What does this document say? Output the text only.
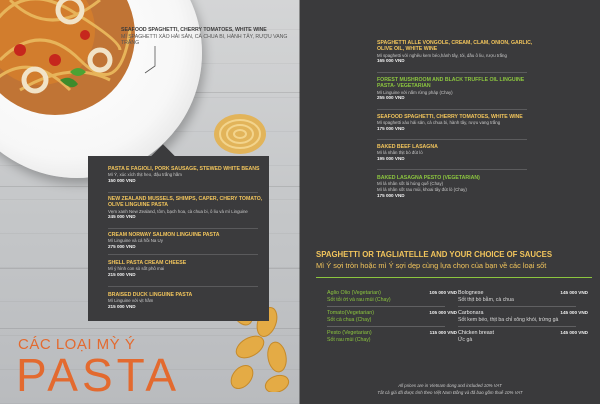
SEAFOOD SPAGHETTI, CHERRY TOMATOES, WHITE WINE
MÌ SPAGHETTI XÀO HẢI SẢN, CÀ CHUA BI, HÀNH TÂY, RƯỢU VANG TRẮNG
PASTA E FAGIOLI, PORK SAUSAGE, STEWED WHITE BEANS
Mì Ý, xúc xích thịt heo, đậu trắng hầm
150 000 VND
NEW ZEALAND MUSSELS, SHIMPS, CAPER, CHERY TOMATO, OLIVE LINGUINE PASTA
Vẹm xanh New Zealand, tôm, bạch hoa, cà chua bi, ô liu và mì Linguine
245 000 VND
CREAM NORWAY SALMON LINGUINE PASTA
Mì Linguine và cá hồi Na Uy
275 000 VND
SHELL PASTA CREAM CHEESE
Mì ý hình con sò sốt phô mai
215 000 VND
BRAISED DUCK LINGUINE PASTA
Mì Linguine với vịt hầm
215 000 VND
CÁC LOẠI MỲ Ý
PASTA
SPAGHETTI ALLE VONGOLE, CREAM, CLAM, ONION, GARLIC, OLIVE OIL, WHITE WINE
Mì spaghetti với nghêu kem béo,hành tây, tỏi, dầu ô liu, rượu trắng
165 000 VND
FOREST MUSHROOM AND BLACK TRUFFLE OIL LINGUINE PASTA- VEGETARIAN
Mì Linguine với nấm rừng pháp (Chay)
255 000 VND
SEAFOOD SPAGHETTI, CHERRY TOMATOES, WHITE WINE
Mì spaghetti xào hải sản, cà chua bi, hành tây, rượu vang trắng
175 000 VND
BAKED BEEF LASAGNA
Mì lá nhân thịt bò đút lò
195 000 VND
BAKED LASAGNA PESTO (VEGETARIAN)
Mì lá nhân sốt lá húng quế (Chay)
Mì lá nhân sốt rau mùi, khoai tây đút lò (Chay)
175 000 VND
SPAGHETTI OR TAGLIATELLE AND YOUR CHOICE OF SAUCES
Mì Ý sợi tròn hoặc mì Ý sợi dẹp cùng lựa chọn của bạn về các loại sốt
Aglio Olio (Vegetarian)
Sốt tỏi ớt và rau mùi (Chay)
105 000 VND
Tomato(Vegetarian)
Sốt cà chua (Chay)
105 000 VND
Pesto (Vegetarian)
Sốt rau mùi (Chay)
115 000 VND
Bolognese
Sốt thịt bò bằm, cà chua
145 000 VND
Carbonara
Sốt kem béo, thịt ba chỉ xông khói, trứng gà
145 000 VND
Chicken breast
Ức gà
145 000 VND
All prices are in Vietnam dong and included 10% VAT
Tất cả giá đã được tính theo Việt Nam Đồng và đã bao gồm thuế 10% VAT
